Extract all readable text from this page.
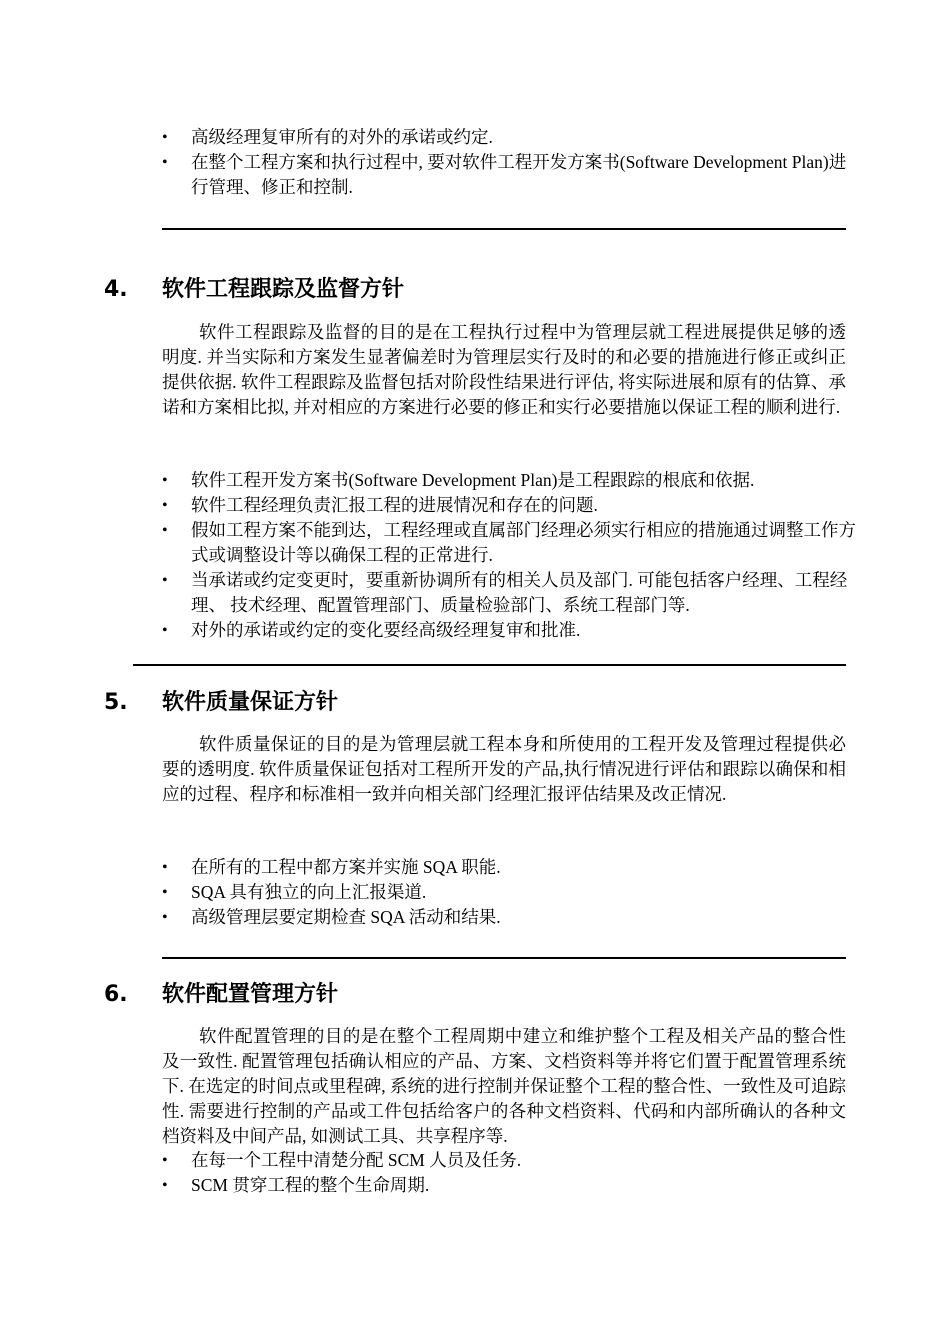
• 高级经理复审所有的对外的承诺或约定.
• 在整个工程方案和执行过程中, 要对软件工程开发方案书(Software Development Plan)进行管理、修正和控制.
4. 软件工程跟踪及监督方针
软件工程跟踪及监督的目的是在工程执行过程中为管理层就工程进展提供足够的透明度. 并当实际和方案发生显著偏差时为管理层实行及时的和必要的措施进行修正或纠正提供依据. 软件工程跟踪及监督包括对阶段性结果进行评估, 将实际进展和原有的估算、承诺和方案相比拟, 并对相应的方案进行必要的修正和实行必要措施以保证工程的顺利进行.
• 软件工程开发方案书(Software Development Plan)是工程跟踪的根底和依据.
• 软件工程经理负责汇报工程的进展情况和存在的问题.
• 假如工程方案不能到达，工程经理或直属部门经理必须实行相应的措施通过调整工作方式或调整设计等以确保工程的正常进行.
• 当承诺或约定变更时，要重新协调所有的相关人员及部门. 可能包括客户经理、工程经理、 技术经理、配置管理部门、质量检验部门、系统工程部门等.
• 对外的承诺或约定的变化要经高级经理复审和批准.
5. 软件质量保证方针
软件质量保证的目的是为管理层就工程本身和所使用的工程开发及管理过程提供必要的透明度. 软件质量保证包括对工程所开发的产品,执行情况进行评估和跟踪以确保和相应的过程、程序和标准相一致并向相关部门经理汇报评估结果及改正情况.
• 在所有的工程中都方案并实施 SQA 职能.
• SQA 具有独立的向上汇报渠道.
• 高级管理层要定期检查 SQA 活动和结果.
6. 软件配置管理方针
软件配置管理的目的是在整个工程周期中建立和维护整个工程及相关产品的整合性及一致性. 配置管理包括确认相应的产品、方案、文档资料等并将它们置于配置管理系统下. 在选定的时间点或里程碑, 系统的进行控制并保证整个工程的整合性、一致性及可追踪性. 需要进行控制的产品或工件包括给客户的各种文档资料、代码和内部所确认的各种文档资料及中间产品, 如测试工具、共享程序等.
• 在每一个工程中清楚分配 SCM 人员及任务.
• SCM 贯穿工程的整个生命周期.
